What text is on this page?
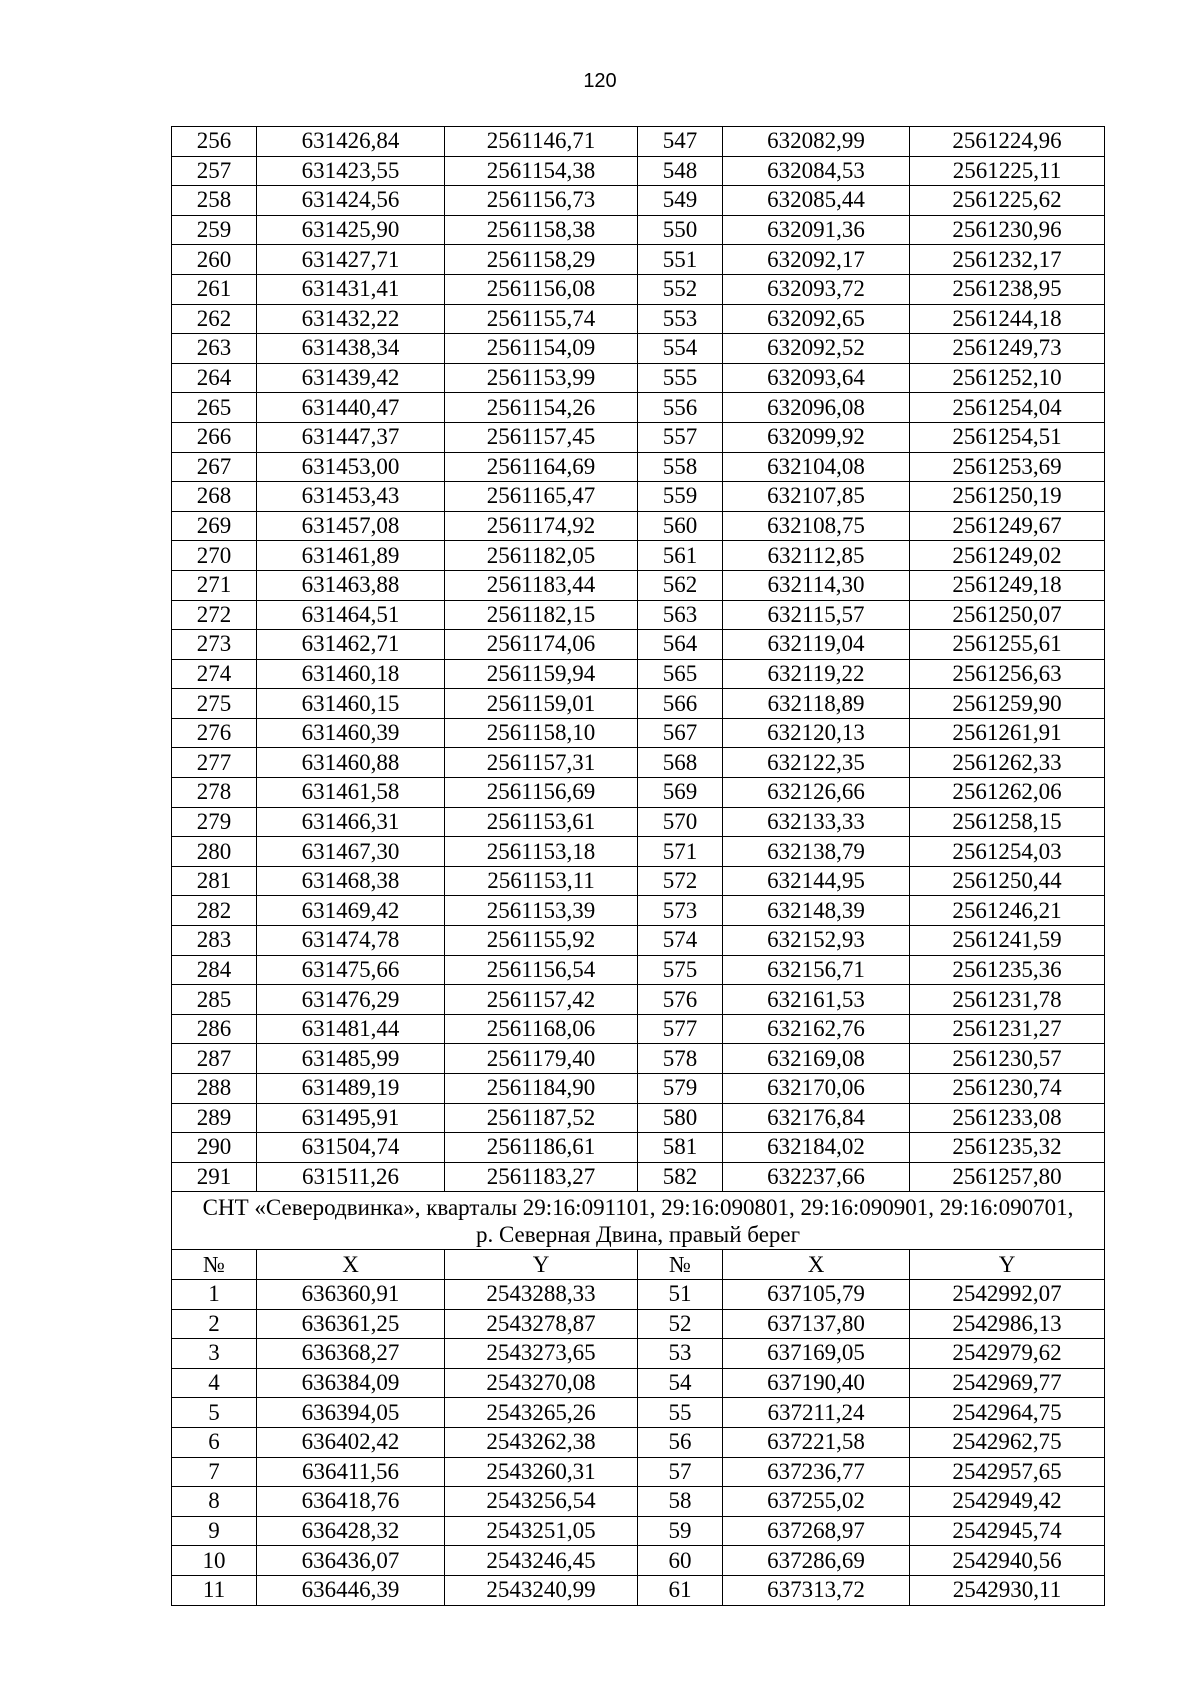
120
256	631426,84	2561146,71	547	632082,99	2561224,96
257	631423,55	2561154,38	548	632084,53	2561225,11
258	631424,56	2561156,73	549	632085,44	2561225,62
259	631425,90	2561158,38	550	632091,36	2561230,96
260	631427,71	2561158,29	551	632092,17	2561232,17
261	631431,41	2561156,08	552	632093,72	2561238,95
262	631432,22	2561155,74	553	632092,65	2561244,18
263	631438,34	2561154,09	554	632092,52	2561249,73
264	631439,42	2561153,99	555	632093,64	2561252,10
265	631440,47	2561154,26	556	632096,08	2561254,04
266	631447,37	2561157,45	557	632099,92	2561254,51
267	631453,00	2561164,69	558	632104,08	2561253,69
268	631453,43	2561165,47	559	632107,85	2561250,19
269	631457,08	2561174,92	560	632108,75	2561249,67
270	631461,89	2561182,05	561	632112,85	2561249,02
271	631463,88	2561183,44	562	632114,30	2561249,18
272	631464,51	2561182,15	563	632115,57	2561250,07
273	631462,71	2561174,06	564	632119,04	2561255,61
274	631460,18	2561159,94	565	632119,22	2561256,63
275	631460,15	2561159,01	566	632118,89	2561259,90
276	631460,39	2561158,10	567	632120,13	2561261,91
277	631460,88	2561157,31	568	632122,35	2561262,33
278	631461,58	2561156,69	569	632126,66	2561262,06
279	631466,31	2561153,61	570	632133,33	2561258,15
280	631467,30	2561153,18	571	632138,79	2561254,03
281	631468,38	2561153,11	572	632144,95	2561250,44
282	631469,42	2561153,39	573	632148,39	2561246,21
283	631474,78	2561155,92	574	632152,93	2561241,59
284	631475,66	2561156,54	575	632156,71	2561235,36
285	631476,29	2561157,42	576	632161,53	2561231,78
286	631481,44	2561168,06	577	632162,76	2561231,27
287	631485,99	2561179,40	578	632169,08	2561230,57
288	631489,19	2561184,90	579	632170,06	2561230,74
289	631495,91	2561187,52	580	632176,84	2561233,08
290	631504,74	2561186,61	581	632184,02	2561235,32
291	631511,26	2561183,27	582	632237,66	2561257,80
СНТ «Северодвинка», кварталы 29:16:091101, 29:16:090801, 29:16:090901, 29:16:090701, р. Северная Двина, правый берег					
№	X	Y	№	X	Y
1	636360,91	2543288,33	51	637105,79	2542992,07
2	636361,25	2543278,87	52	637137,80	2542986,13
3	636368,27	2543273,65	53	637169,05	2542979,62
4	636384,09	2543270,08	54	637190,40	2542969,77
5	636394,05	2543265,26	55	637211,24	2542964,75
6	636402,42	2543262,38	56	637221,58	2542962,75
7	636411,56	2543260,31	57	637236,77	2542957,65
8	636418,76	2543256,54	58	637255,02	2542949,42
9	636428,32	2543251,05	59	637268,97	2542945,74
10	636436,07	2543246,45	60	637286,69	2542940,56
11	636446,39	2543240,99	61	637313,72	2542930,11
